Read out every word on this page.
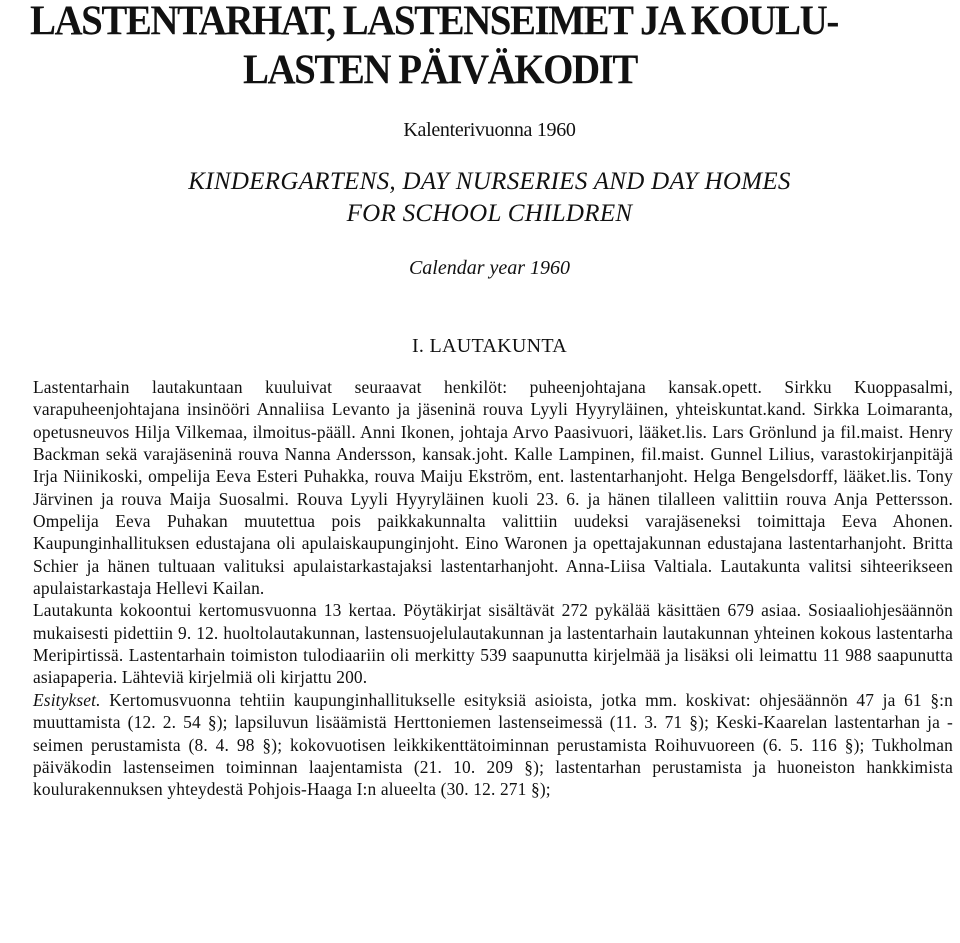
LASTENTARHAT, LASTENSEIMET JA KOULU-
LASTEN PÄIVÄKODIT
Kalenterivuonna 1960
KINDERGARTENS, DAY NURSERIES AND DAY HOMES
FOR SCHOOL CHILDREN
Calendar year 1960
I. LAUTAKUNTA

Lastentarhain lautakuntaan kuuluivat seuraavat henkilöt: puheenjohtajana kansak.opett. Sirkku Kuoppasalmi, varapuheenjohtajana insinööri Annaliisa Levanto ja jäseninä rouva Lyyli Hyyryläinen, yhteiskuntat.kand. Sirkka Loimaranta, opetusneuvos Hilja Vilkemaa, ilmoitus-pääll. Anni Ikonen, johtaja Arvo Paasivuori, lääket.lis. Lars Grönlund ja fil.maist. Henry Backman sekä varajäseninä rouva Nanna Andersson, kansak.joht. Kalle Lampinen, fil.maist. Gunnel Lilius, varastokirjanpitäjä Irja Niinikoski, ompelija Eeva Esteri Puhakka, rouva Maiju Ekström, ent. lastentarhanjoht. Helga Bengelsdorff, lääket.lis. Tony Järvinen ja rouva Maija Suosalmi. Rouva Lyyli Hyyryläinen kuoli 23. 6. ja hänen tilalleen valittiin rouva Anja Pettersson. Ompelija Eeva Puhakan muutettua pois paikkakunnalta valittiin uudeksi varajäseneksi toimittaja Eeva Ahonen. Kaupunginhallituksen edustajana oli apulaiskaupunginjoht. Eino Waronen ja opettajakunnan edustajana lastentarhanjoht. Britta Schier ja hänen tultuaan valituksi apulaistarkastajaksi lastentarhanjoht. Anna-Liisa Valtiala. Lautakunta valitsi sihteerikseen apulaistarkastaja Hellevi Kailan.

Lautakunta kokoontui kertomusvuonna 13 kertaa. Pöytäkirjat sisältävät 272 pykälää käsittäen 679 asiaa. Sosiaaliohjesäännön mukaisesti pidettiin 9. 12. huoltolautakunnan, lastensuojelulautakunnan ja lastentarhain lautakunnan yhteinen kokous lastentarha Meripirtissä. Lastentarhain toimiston tulodiaariin oli merkitty 539 saapunutta kirjelmää ja lisäksi oli leimattu 11 988 saapunutta asiapaperia. Lähteviä kirjelmiä oli kirjattu 200.

Esitykset. Kertomusvuonna tehtiin kaupunginhallitukselle esityksiä asioista, jotka mm. koskivat: ohjesäännön 47 ja 61 §:n muuttamista (12. 2. 54 §); lapsiluvun lisäämistä Herttoniemen lastenseimessä (11. 3. 71 §); Keski-Kaarelan lastentarhan ja -seimen perustamista (8. 4. 98 §); kokovuotisen leikkikenttätoiminnan perustamista Roihuvuoreen (6. 5. 116 §); Tukholman päiväkodin lastenseimen toiminnan laajentamista (21. 10. 209 §); lastentarhan perustamista ja huoneiston hankkimista koulurakennuksen yhteydestä Pohjois-Haaga I:n alueelta (30. 12. 271 §);
